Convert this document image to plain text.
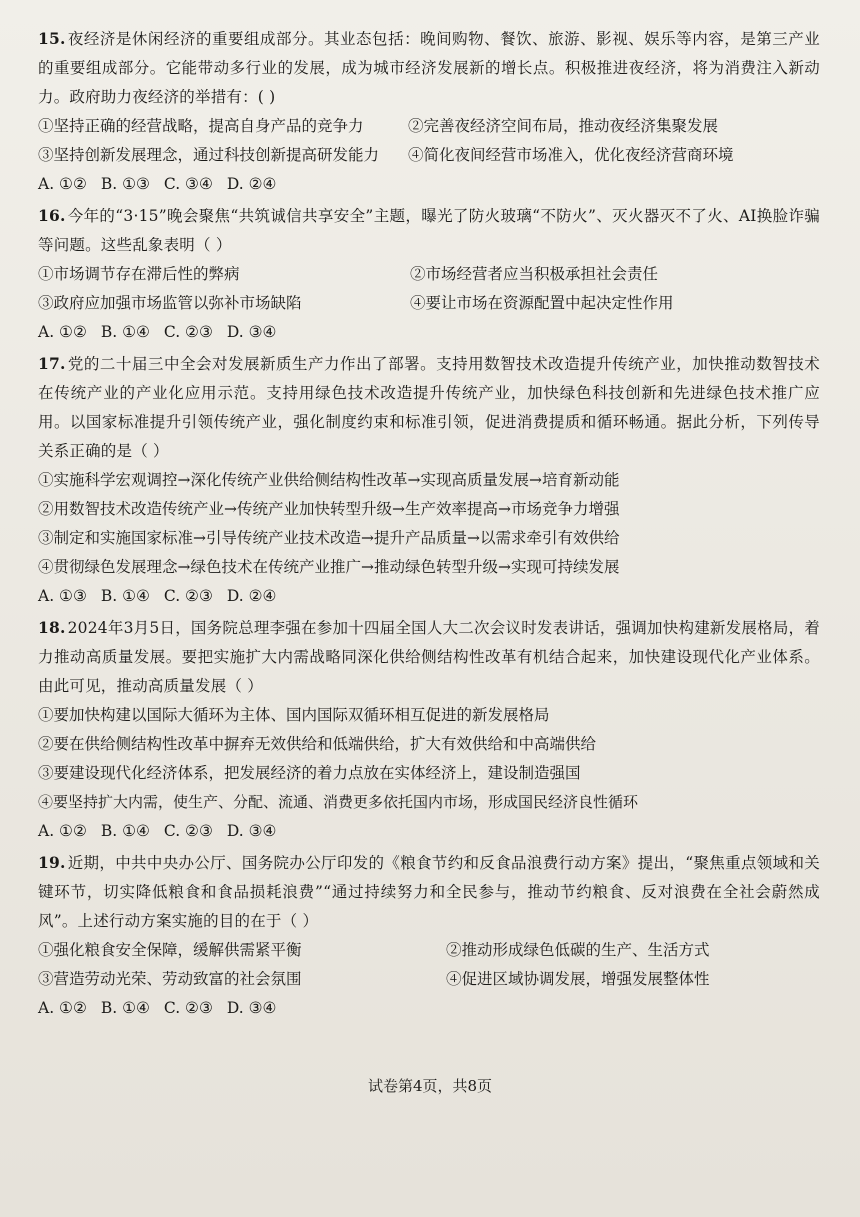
15. 夜经济是休闲经济的重要组成部分。其业态包括：晚间购物、餐饮、旅游、影视、娱乐等内容，是第三产业的重要组成部分。它能带动多行业的发展，成为城市经济发展新的增长点。积极推进夜经济，将为消费注入新动力。政府助力夜经济的举措有：( )

①坚持正确的经营战略，提高自身产品的竞争力	②完善夜经济空间布局，推动夜经济集聚发展
③坚持创新发展理念，通过科技创新提高研发能力	④简化夜间经营市场准入，优化夜经济营商环境
A. ①② B. ①③ C. ③④ D. ②④

16. 今年的“3·15”晚会聚焦“共筑诚信共享安全”主题，曝光了防火玻璃“不防火”、灭火器灭不了火、AI换脸诈骗等问题。这些乱象表明（ ）

①市场调节存在滞后性的弊病	②市场经营者应当积极承担社会责任
③政府应加强市场监管以弥补市场缺陷	④要让市场在资源配置中起决定性作用
A. ①② B. ①④ C. ②③ D. ③④

17. 党的二十届三中全会对发展新质生产力作出了部署。支持用数智技术改造提升传统产业，加快推动数智技术在传统产业的产业化应用示范。支持用绿色技术改造提升传统产业，加快绿色科技创新和先进绿色技术推广应用。以国家标准提升引领传统产业，强化制度约束和标准引领，促进消费提质和循环畅通。据此分析，下列传导关系正确的是（ ）

①实施科学宏观调控→深化传统产业供给侧结构性改革→实现高质量发展→培育新动能
②用数智技术改造传统产业→传统产业加快转型升级→生产效率提高→市场竞争力增强
③制定和实施国家标准→引导传统产业技术改造→提升产品质量→以需求牵引有效供给
④贯彻绿色发展理念→绿色技术在传统产业推广→推动绿色转型升级→实现可持续发展
A. ①③ B. ①④ C. ②③ D. ②④

18. 2024年3月5日，国务院总理李强在参加十四届全国人大二次会议时发表讲话，强调加快构建新发展格局，着力推动高质量发展。要把实施扩大内需战略同深化供给侧结构性改革有机结合起来，加快建设现代化产业体系。由此可见，推动高质量发展（ ）

①要加快构建以国际大循环为主体、国内国际双循环相互促进的新发展格局
②要在供给侧结构性改革中摒弃无效供给和低端供给，扩大有效供给和中高端供给
③要建设现代化经济体系，把发展经济的着力点放在实体经济上，建设制造强国
④要坚持扩大内需，使生产、分配、流通、消费更多依托国内市场，形成国民经济良性循环
A. ①② B. ①④ C. ②③ D. ③④

19. 近期，中共中央办公厅、国务院办公厅印发的《粮食节约和反食品浪费行动方案》提出，“聚焦重点领域和关键环节，切实降低粮食和食品损耗浪费”“通过持续努力和全民参与，推动节约粮食、反对浪费在全社会蔚然成风”。上述行动方案实施的目的在于（ ）

①强化粮食安全保障，缓解供需紧平衡	②推动形成绿色低碳的生产、生活方式
③营造劳动光荣、劳动致富的社会氛围	④促进区域协调发展，增强发展整体性
A. ①② B. ①④ C. ②③ D. ③④
试卷第4页，共8页
